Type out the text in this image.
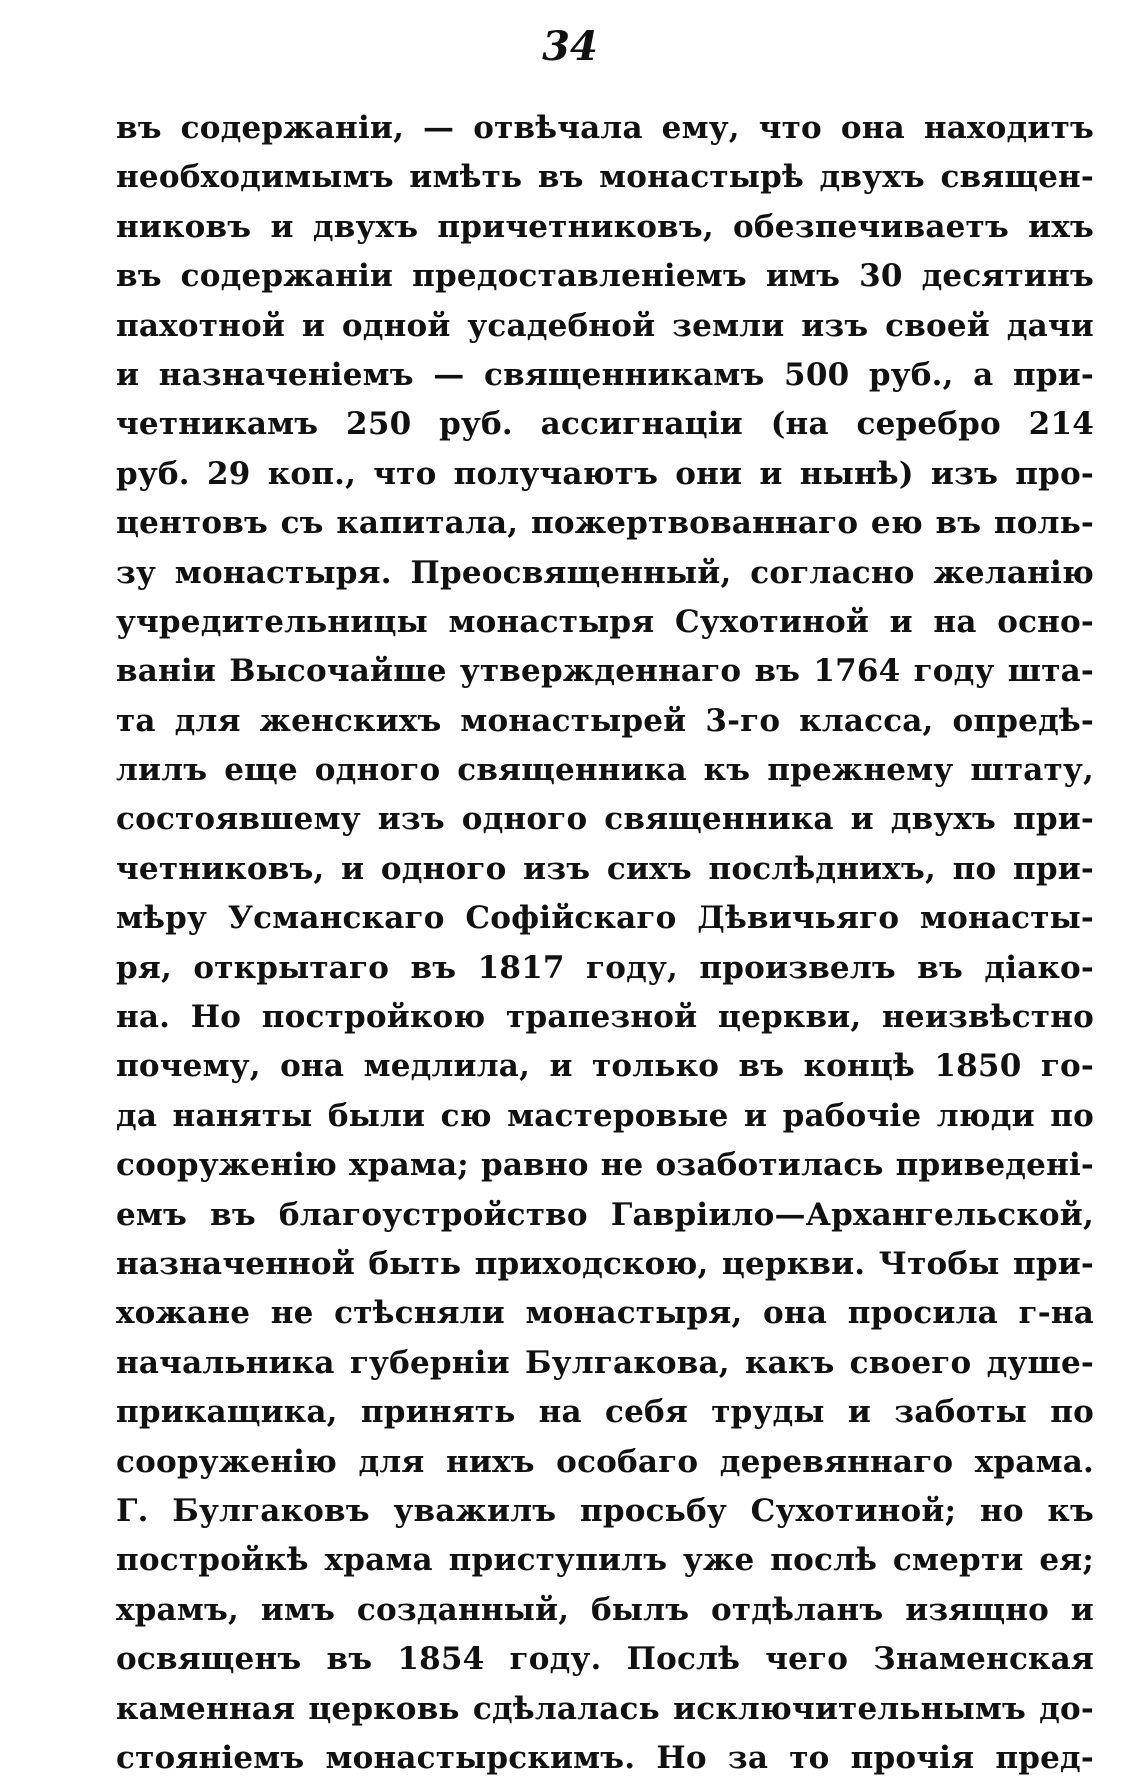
34
въ содержаніи, — отвѣчала ему, что она находитъ
необходимымъ имѣть въ монастырѣ двухъ священ-
никовъ и двухъ причетниковъ, обезпечиваетъ ихъ
въ содержаніи предоставленіемъ имъ 30 десятинъ
пахотной и одной усадебной земли изъ своей дачи
и назначеніемъ — священникамъ 500 руб., а при-
четникамъ 250 руб. ассигнаціи (на серебро 214
руб. 29 коп., что получаютъ они и нынѣ) изъ про-
центовъ съ капитала, пожертвованнаго ею въ поль-
зу монастыря. Преосвященный, согласно желанію
учредительницы монастыря Сухотиной и на осно-
ваніи Высочайше утвержденнаго въ 1764 году шта-
та для женскихъ монастырей 3-го класса, опредѣ-
лилъ еще одного священника къ прежнему штату,
состоявшему изъ одного священника и двухъ при-
четниковъ, и одного изъ сихъ послѣднихъ, по при-
мѣру Усманскаго Софійскаго Дѣвичьяго монасты-
ря, открытаго въ 1817 году, произвелъ въ діако-
на. Но постройкою трапезной церкви, неизвѣстно
почему, она медлила, и только въ концѣ 1850 го-
да наняты были сю мастеровые и рабочіе люди по
сооруженію храма; равно не озаботилась приведені-
емъ въ благоустройство Гавріило—Архангельской,
назначенной быть приходскою, церкви. Чтобы при-
хожане не стѣсняли монастыря, она просила г-на
начальника губерніи Булгакова, какъ своего душе-
прикащика, принять на себя труды и заботы по
сооруженію для нихъ особаго деревяннаго храма.
Г. Булгаковъ уважилъ просьбу Сухотиной; но къ
постройкѣ храма приступилъ уже послѣ смерти ея;
храмъ, имъ созданный, былъ отдѣланъ изящно и
освященъ въ 1854 году. Послѣ чего Знаменская
каменная церковь сдѣлалась исключительнымъ до-
стояніемъ монастырскимъ. Но за то прочія пред-
